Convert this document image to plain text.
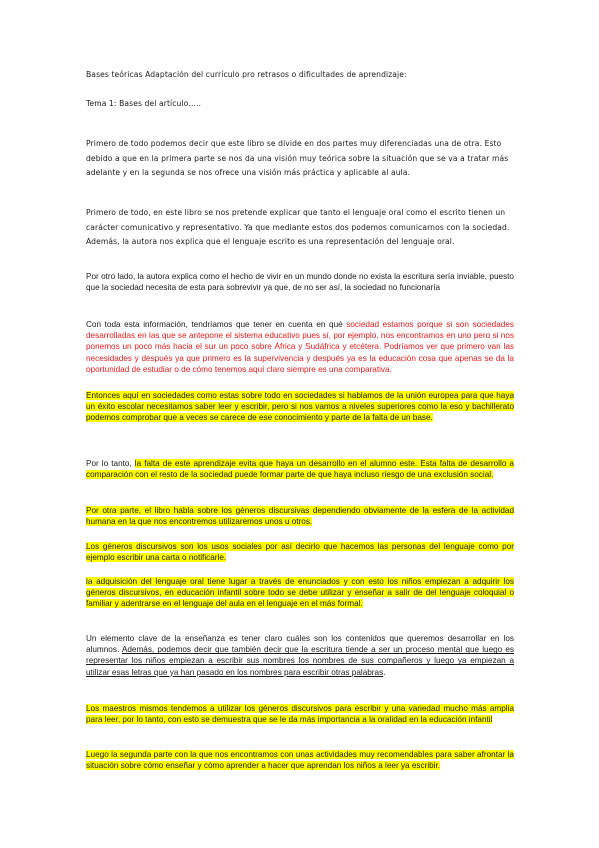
Bases teóricas Adaptación del currículo pro retrasos o dificultades de aprendizaje:

Tema 1: Bases del artículo…..

Primero de todo podemos decir que este libro se divide en dos partes muy diferenciadas una de otra. Esto debido a que en la primera parte se nos da una visión muy teórica sobre la situación que se va a tratar más adelante y en la segunda se nos ofrece una visión más práctica y aplicable al aula.

Primero de todo, en este libro se nos pretende explicar que tanto el lenguaje oral como el escrito tienen un carácter comunicativo y representativo. Ya que mediante estos dos podemos comunicarnos con la sociedad. Además, la autora nos explica que el lenguaje escrito es una representación del lenguaje oral.

Por otro lado, la autora explica como el hecho de vivir en un mundo donde no exista la escritura sería inviable, puesto que la sociedad necesita de esta para sobrevivir ya que, de no ser así, la sociedad no funcionaría

Con toda esta información, tendríamos que tener en cuenta en qué sociedad estamos porque si son sociedades desarrolladas en las que se antepone el sistema educativo pues sí, por ejemplo, nos encontramos en uno pero si nos ponemos un poco más hacia el sur un poco sobre África y Sudáfrica y etcétera. Podríamos ver que primero van las necesidades y después ya que primero es la supervivencia y después ya es la educación cosa que apenas se da la oportunidad de estudiar o de cómo tenemos aquí claro siempre es una comparativa.

Entonces aquí en sociedades como estas sobre todo en sociedades si hablamos de la unión europea para que haya un éxito escolar necesitamos saber leer y escribir, pero si nos vamos a niveles superiores como la eso y bachillerato podemos comprobar que a veces se carece de ese conocimiento y parte de la falta de un base.

Por lo tanto, la falta de este aprendizaje evita que haya un desarrollo en el alumno este. Esta falta de desarrollo a comparación con el resto de la sociedad puede formar parte de que haya incluso riesgo de una exclusión social.

Por otra parte, el libro habla sobre los géneros discursivas dependiendo obviamente de la esfera de la actividad humana en la que nos encontremos utilizaremos unos u otros.

Los géneros discursivos son los usos sociales por así decirlo que hacemos las personas del lenguaje como por ejemplo escribir una carta o notificarle.

la adquisición del lenguaje oral tiene lugar a través de enunciados y con esto los niños empiezan a adquirir los géneros discursivos, en educación infantil sobre todo se debe utilizar y enseñar a salir de del lenguaje coloquial o familiar y adentrarse en el lenguaje del aula en el lenguaje en el más formal.

Un elemento clave de la enseñanza es tener claro cuáles son los contenidos que queremos desarrollar en los alumnos. Además, podemos decir que también decir que la escritura tiende a ser un proceso mental que luego es representar los niños empiezan a escribir sus nombres los nombres de sus compañeros y luego ya empiezan a utilizar esas letras que ya han pasado en los nombres para escribir otras palabras.

Los maestros mismos tendemos a utilizar los géneros discursivos para escribir y una variedad mucho más amplia para leer, por lo tanto, con esto se demuestra que se le da más importancia a la oralidad en la educación infantil

Luego la segunda parte con la que nos encontramos con unas actividades muy recomendables para saber afrontar la situación sobre cómo enseñar y cómo aprender a hacer que aprendan los niños a leer ya escribir.
